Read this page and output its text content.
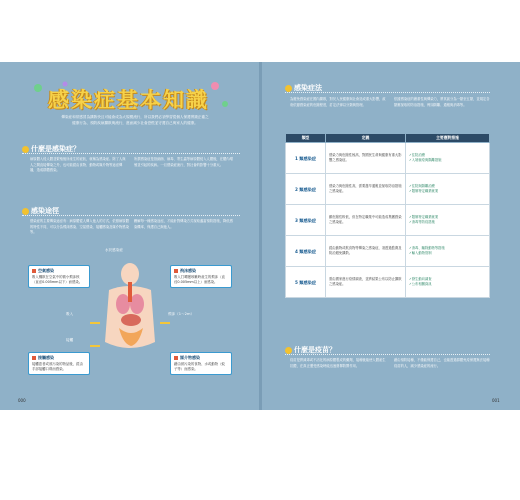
感染症基本知識
傳染症和常感冒為擴散快且可能會成為大規模流行，所以我們必須學習從個人保護實踐正確之健康行為，預防疾病擴散與流行，進而減少社會恐慌並守護自己與家人的健康。
什麼是感染症？
病原體入侵人體並繁殖後所產生的症狀，就稱為感染症。除了人與人之間直接傳染之外，也可能經由食物、動物或媒介物等途徑傳播，造成群體感染。
所謂感染症是指細菌、病毒、寄生蟲等病原體侵入人體後，在體內增殖並引起的疾病。一旦感染症流行，對社會的影響十分重大。
感染途徑
感染症的主要傳染途徑有：病原體從人傳入他人的方式，依照病原體的特性不同，可以分為飛沫感染、空氣感染、接觸感染及媒介物感染等。
瞭解每一種感染途徑，才能針對傳染方式採取適當預防措施，降低感染機率，保護自己與他人。
水於感染症
空氣感染
吸入飄散在空氣中的微小飛沫核（直徑0.005mm以下）而感染。
飛沫感染
吸入打噴嚏咳嗽時產生的飛沫（直徑0.005mm以上）而感染。
接觸感染
接觸患者或被污染的物品後，經由手部接觸口鼻而感染。
媒介物感染
藉由被污染的食物、水或動物（蚊子等）而感染。
吸入
接觸
飛沫（1～2m）
000
感染症法
為避免感染症在國內擴散，對於人民健康與社會造成重大影響，政府依據感染症的危險程度，訂定法律以分類與管理。
依據感染症的嚴重性與傳染力，將其區分為一類至五類，並規定各類應採取的防治措施，例如隔離、通報與消毒等。
類型	定義	主要應對措施
1 類感染症	感染力與危險性極高，對國民生命與健康有重大影響之感染症。	✓住院治療
✓入境檢疫與隔離措施
2 類感染症	感染力與危險性高，需要盡早通報並採取防治措施之感染症。	✓住院與隔離治療
✓限制特定職業就業
3 類感染症	雖危險性較低，但在特定職業中可能造成集團感染之感染症。	✓限制特定職業就業
✓消毒等防疫措施
4 類感染症	經由動物或飲食物等傳染之感染症，須透過監測及防治避免擴散。	✓消毒、驅除動物等措施
✓輸入動物管制
5 類感染症	需由國家進行疫情調查，並將結果公布以防止擴散之感染症。	✓發生動向調查
✓公布相關資訊
什麼是疫苗？
疫苗是將減毒或不活化的病原體製成的藥劑，接種後能使人體產生抗體，在真正遭受感染時能迅速發揮防禦作用。
藉由預防接種，不僅能保護自己，也能透過群體免疫保護無法接種疫苗的人，減少感染症的流行。
001
